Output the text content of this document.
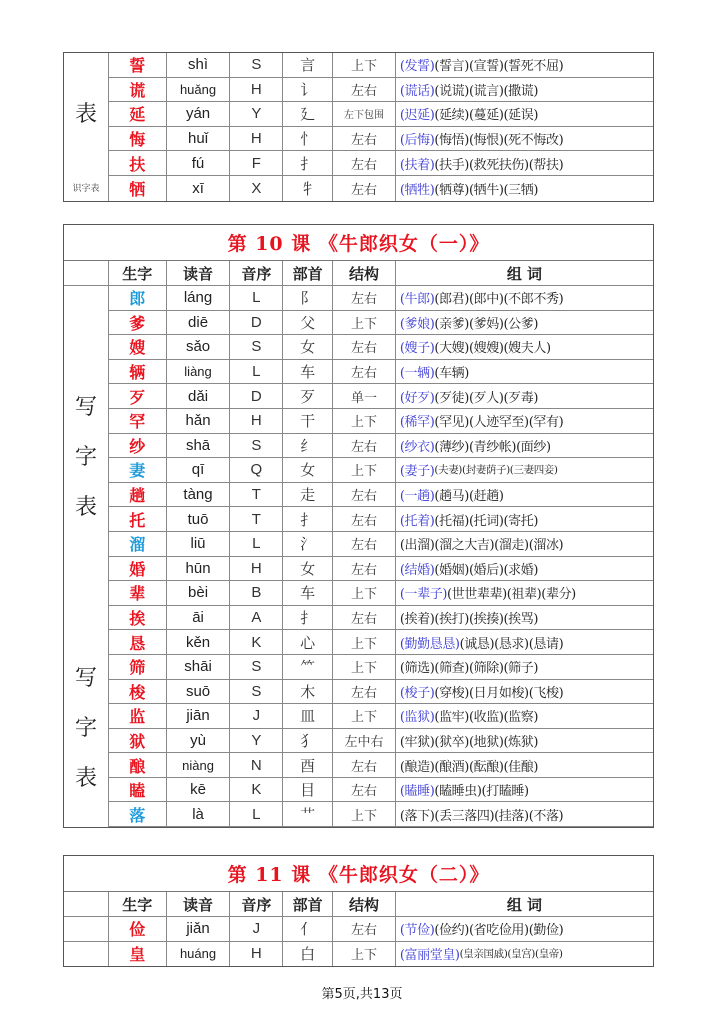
誓	shì	S	言	上下	(发誓) (誓言)(宣誓)(誓死不屈)
谎	huǎng	H	讠	左右	(谎话) (说谎)(谎言)(撒谎)
延	yán	Y	廴	左下包围	(迟延) (延续)(蔓延)(延误)
悔	huǐ	H	忄	左右	(后悔) (悔悟)(悔恨)(死不悔改)
扶	fú	F	扌	左右	(扶着) (扶手)(救死扶伤)(帮扶)
牺	xī	X	牜	左右	(牺牲) (牺尊)(牺牛)(三牺)
表
识字表
第 10 课 《牛郎织女（一）》
生字	读音	音序	部首	结构	组 词
郎	láng	L	阝	左右	(牛郎) (郎君)(郎中)(不郎不秀)
爹	diē	D	父	上下	(爹娘) (亲爹)(爹妈)(公爹)
嫂	sǎo	S	女	左右	(嫂子) (大嫂)(嫂嫂)(嫂夫人)
辆	liàng	L	车	左右	(一辆) (车辆)
歹	dǎi	D	歹	单一	(好歹) (歹徒)(歹人)(歹毒)
罕	hǎn	H	干	上下	(稀罕) (罕见)(人迹罕至)(罕有)
纱	shā	S	纟	左右	(纱衣) (薄纱)(青纱帐)(面纱)
妻	qī	Q	女	上下	(妻子) (夫妻)(封妻荫子)(三妻四妾)
趟	tàng	T	走	左右	(一趟) (趟马)(赶趟)
托	tuō	T	扌	左右	(托着) (托福)(托词)(寄托)
溜	liū	L	氵	左右	(出溜)(溜之大吉)(溜走)(溜冰)
婚	hūn	H	女	左右	(结婚) (婚姻)(婚后)(求婚)
辈	bèi	B	车	上下	(一辈子) (世世辈辈)(祖辈)(辈分)
挨	āi	A	扌	左右	(挨着)(挨打)(挨揍)(挨骂)
恳	kěn	K	心	上下	(勤勤恳恳) (诚恳)(恳求)(恳请)
筛	shāi	S	⺮	上下	(筛选)(筛查)(筛除)(筛子)
梭	suō	S	木	左右	(梭子) (穿梭)(日月如梭)(飞梭)
监	jiān	J	皿	上下	(监狱) (监牢)(收监)(监察)
狱	yù	Y	犭	左中右	(牢狱)(狱卒)(地狱)(炼狱)
酿	niàng	N	酉	左右	(酿造)(酿酒)(酝酿)(佳酿)
瞌	kē	K	目	左右	(瞌睡) (瞌睡虫)(打瞌睡)
落	là	L	艹	上下	(落下)(丢三落四)(挂落)(不落)
写
字
表
写
字
表
第 11 课 《牛郎织女（二）》
生字	读音	音序	部首	结构	组 词
俭	jiǎn	J	亻	左右	(节俭) (俭约)(省吃俭用)(勤俭)
皇	huáng	H	白	上下	(富丽堂皇) (皇亲国戚)(皇宫)(皇帝)
第5页,共13页
